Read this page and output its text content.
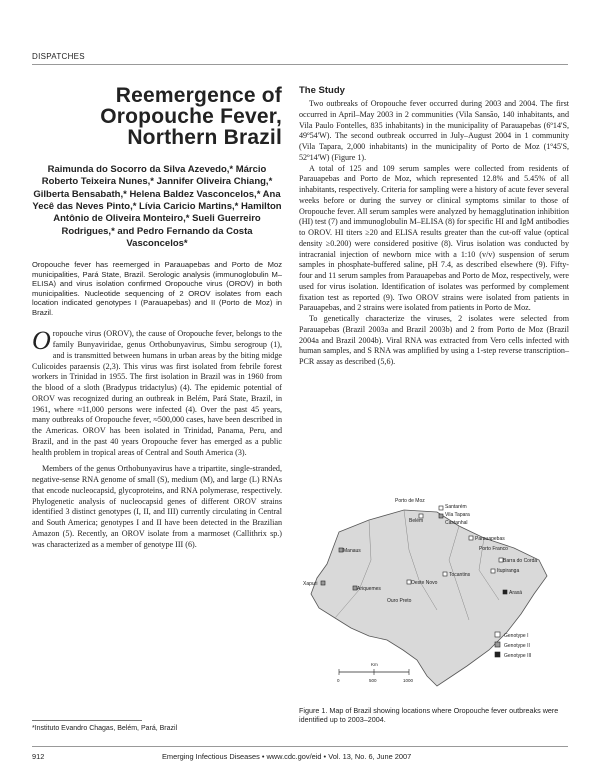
DISPATCHES
Reemergence of Oropouche Fever, Northern Brazil
Raimunda do Socorro da Silva Azevedo,* Márcio Roberto Teixeira Nunes,* Jannifer Oliveira Chiang,* Gilberta Bensabath,* Helena Baldez Vasconcelos,* Ana Yecê das Neves Pinto,* Lívia Caricio Martins,* Hamilton Antônio de Oliveira Monteiro,* Sueli Guerreiro Rodrigues,* and Pedro Fernando da Costa Vasconcelos*
Oropouche fever has reemerged in Parauapebas and Porto de Moz municipalities, Pará State, Brazil. Serologic analysis (immunoglobulin M–ELISA) and virus isolation confirmed Oropouche virus (OROV) in both municipalities. Nucleotide sequencing of 2 OROV isolates from each location indicated genotypes I (Parauapebas) and II (Porto de Moz) in Brazil.

Oropouche virus (OROV), the cause of Oropouche fever, belongs to the family Bunyaviridae, genus Orthobunyavirus, Simbu serogroup (1), and is transmitted between humans in urban areas by the biting midge Culicoides paraensis (2,3). This virus was first isolated from febrile forest workers in Trinidad in 1955. The first isolation in Brazil was in 1960 from the blood of a sloth (Bradypus tridactylus) (4). The epidemic potential of OROV was recognized during an outbreak in Belém, Pará State, Brazil, in 1961, where ≈11,000 persons were infected (4). Over the past 45 years, many outbreaks of Oropouche fever, ≈500,000 cases, have been described in the Americas. OROV has been isolated in Trinidad, Panama, Peru, and Brazil, and in the past 40 years Oropouche fever has emerged as a public health problem in tropical areas of Central and South America (3).

Members of the genus Orthobunyavirus have a tripartite, single-stranded, negative-sense RNA genome of small (S), medium (M), and large (L) RNAs that encode nucleocapsid, glycoproteins, and RNA polymerase, respectively. Phylogenetic analysis of nucleocapsid genes of different OROV strains identified 3 distinct genotypes (I, II, and III) currently circulating in Central and South America; genotypes I and II have been detected in the Brazilian Amazon (5). Recently, an OROV isolate from a marmoset (Callithrix sp.) was characterized as a member of genotype III (6).

The Study

Two outbreaks of Oropouche fever occurred during 2003 and 2004. The first occurred in April–May 2003 in 2 communities (Vila Sansão, 140 inhabitants, and Vila Paulo Fontelles, 835 inhabitants) in the municipality of Parauapebas (6º14'S, 49º54'W). The second outbreak occurred in July–August 2004 in 1 community (Vila Tapara, 2,000 inhabitants) in the municipality of Porto de Moz (1º45'S, 52º14'W) (Figure 1).

A total of 125 and 109 serum samples were collected from residents of Parauapebas and Porto de Moz, which represented 12.8% and 5.45% of all inhabitants, respectively. Criteria for sampling were a history of acute fever several weeks before or during the survey or clinical symptoms similar to those of Oropouche fever. All serum samples were analyzed by hemagglutination inhibition (HI) test (7) and immunoglobulin M–ELISA (8) for specific HI and IgM antibodies to OROV. HI titers ≥20 and ELISA results greater than the cut-off value (optical density ≥0.200) were considered positive (8). Virus isolation was conducted by intracranial injection of newborn mice with a 1:10 (v/v) suspension of serum samples in phosphate-buffered saline, pH 7.4, as described elsewhere (9). Fifty-four and 11 serum samples from Parauapebas and Porto de Moz, respectively, were used for virus isolation. Identification of isolates was performed by complement fixation test as reported (9). Two OROV strains were isolated from patients in Parauapebas, and 2 strains were isolated from patients in Porto de Moz.

To genetically characterize the viruses, 2 isolates were selected from Parauapebas (Brazil 2003a and Brazil 2003b) and 2 from Porto de Moz (Brazil 2004a and Brazil 2004b). Viral RNA was extracted from Vero cells infected with human samples, and S RNA was amplified by using a 1-step reverse transcription–PCR assay as described (5,6).

Porto de Moz
Belém
Santarém
Vila Tapara
Castanhal
Manaus
Parauapebas
Porto Franco
Barra do Corda
Itupiranga
Xapuri
Ariquemes
Oeste Novo
Tocantins
Araxá
Ouro Preto
Genotype I
Genotype II
Genotype III
0	500	1000
Km
Figure 1. Map of Brazil showing locations where Oropouche fever outbreaks were identified up to 2003–2004.
*Instituto Evandro Chagas, Belém, Pará, Brazil
912	Emerging Infectious Diseases • www.cdc.gov/eid • Vol. 13, No. 6, June 2007
